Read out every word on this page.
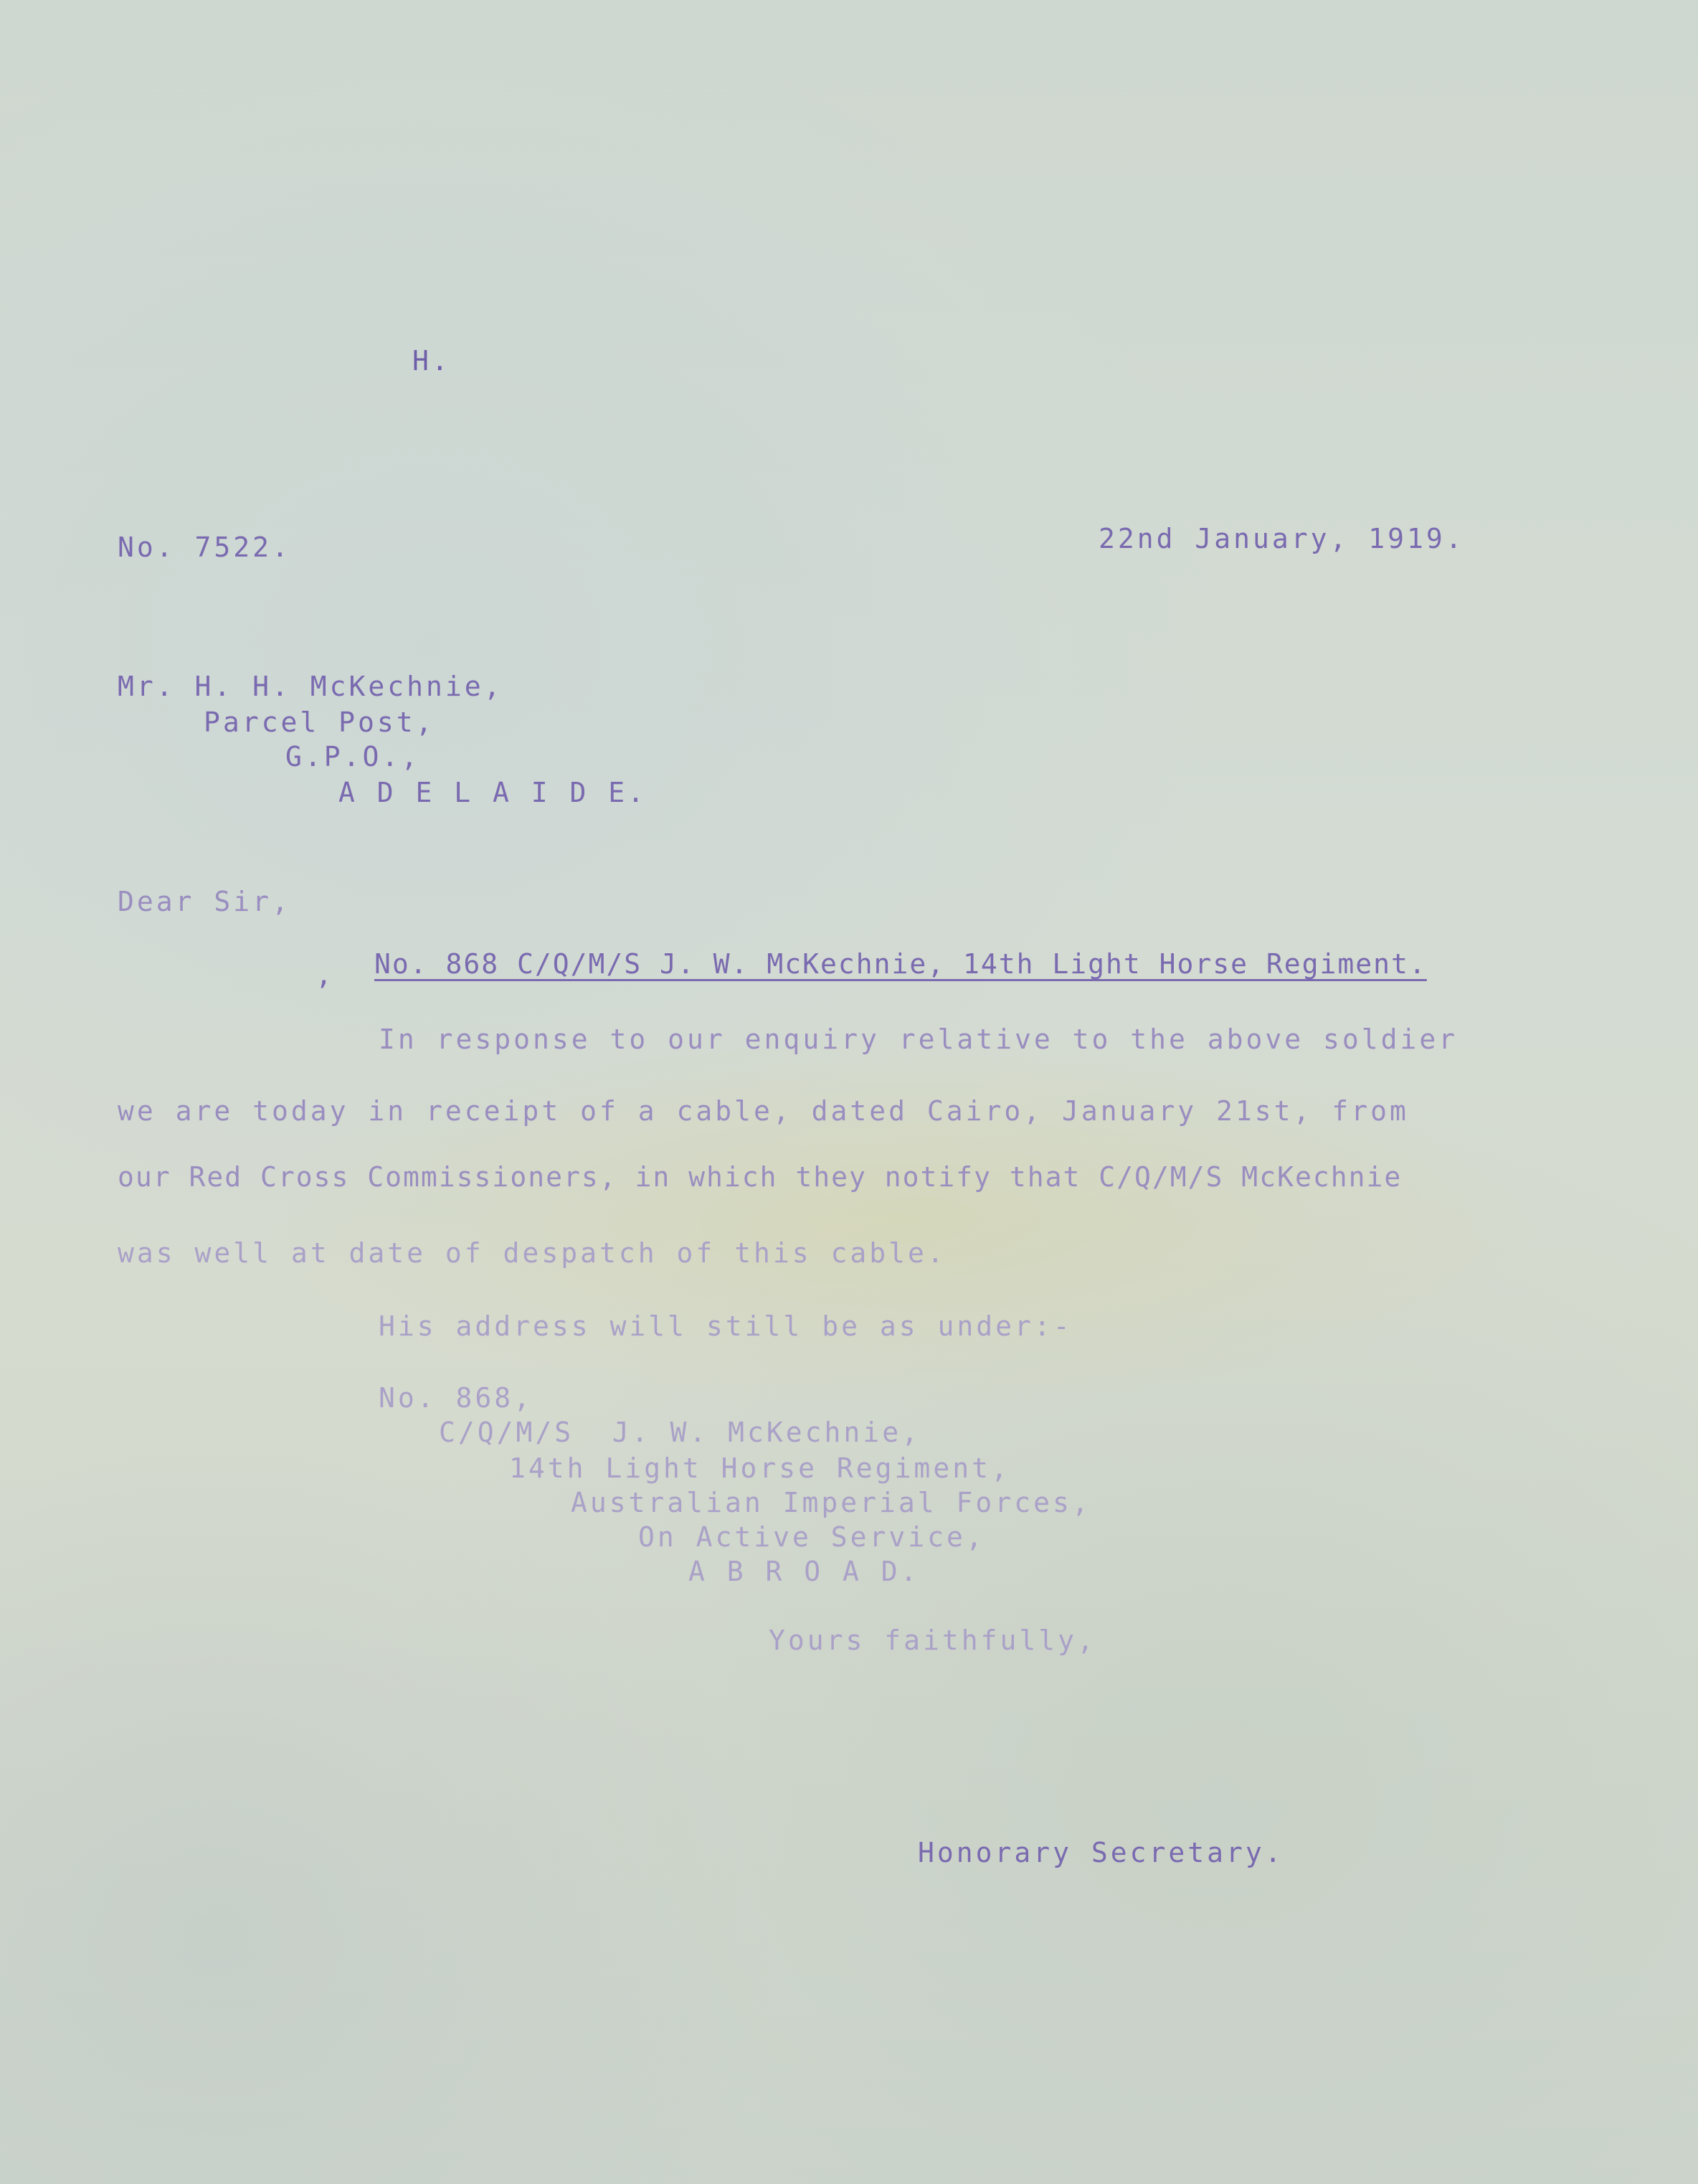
H.

No. 7522.	22nd January, 1919.

Mr. H. H. McKechnie,

Parcel Post,

G.P.O.,

A D E L A I D E.

Dear Sir,

, No. 868 C/Q/M/S J. W. McKechnie, 14th Light Horse Regiment.

In response to our enquiry relative to the above soldier

we are today in receipt of a cable, dated Cairo, January 21st, from

our Red Cross Commissioners, in which they notify that C/Q/M/S McKechnie

was well at date of despatch of this cable.

His address will still be as under:-

No. 868,

C/Q/M/S  J. W. McKechnie,

14th Light Horse Regiment,

Australian Imperial Forces,

On Active Service,

A B R O A D.

Yours faithfully,

Honorary Secretary.
